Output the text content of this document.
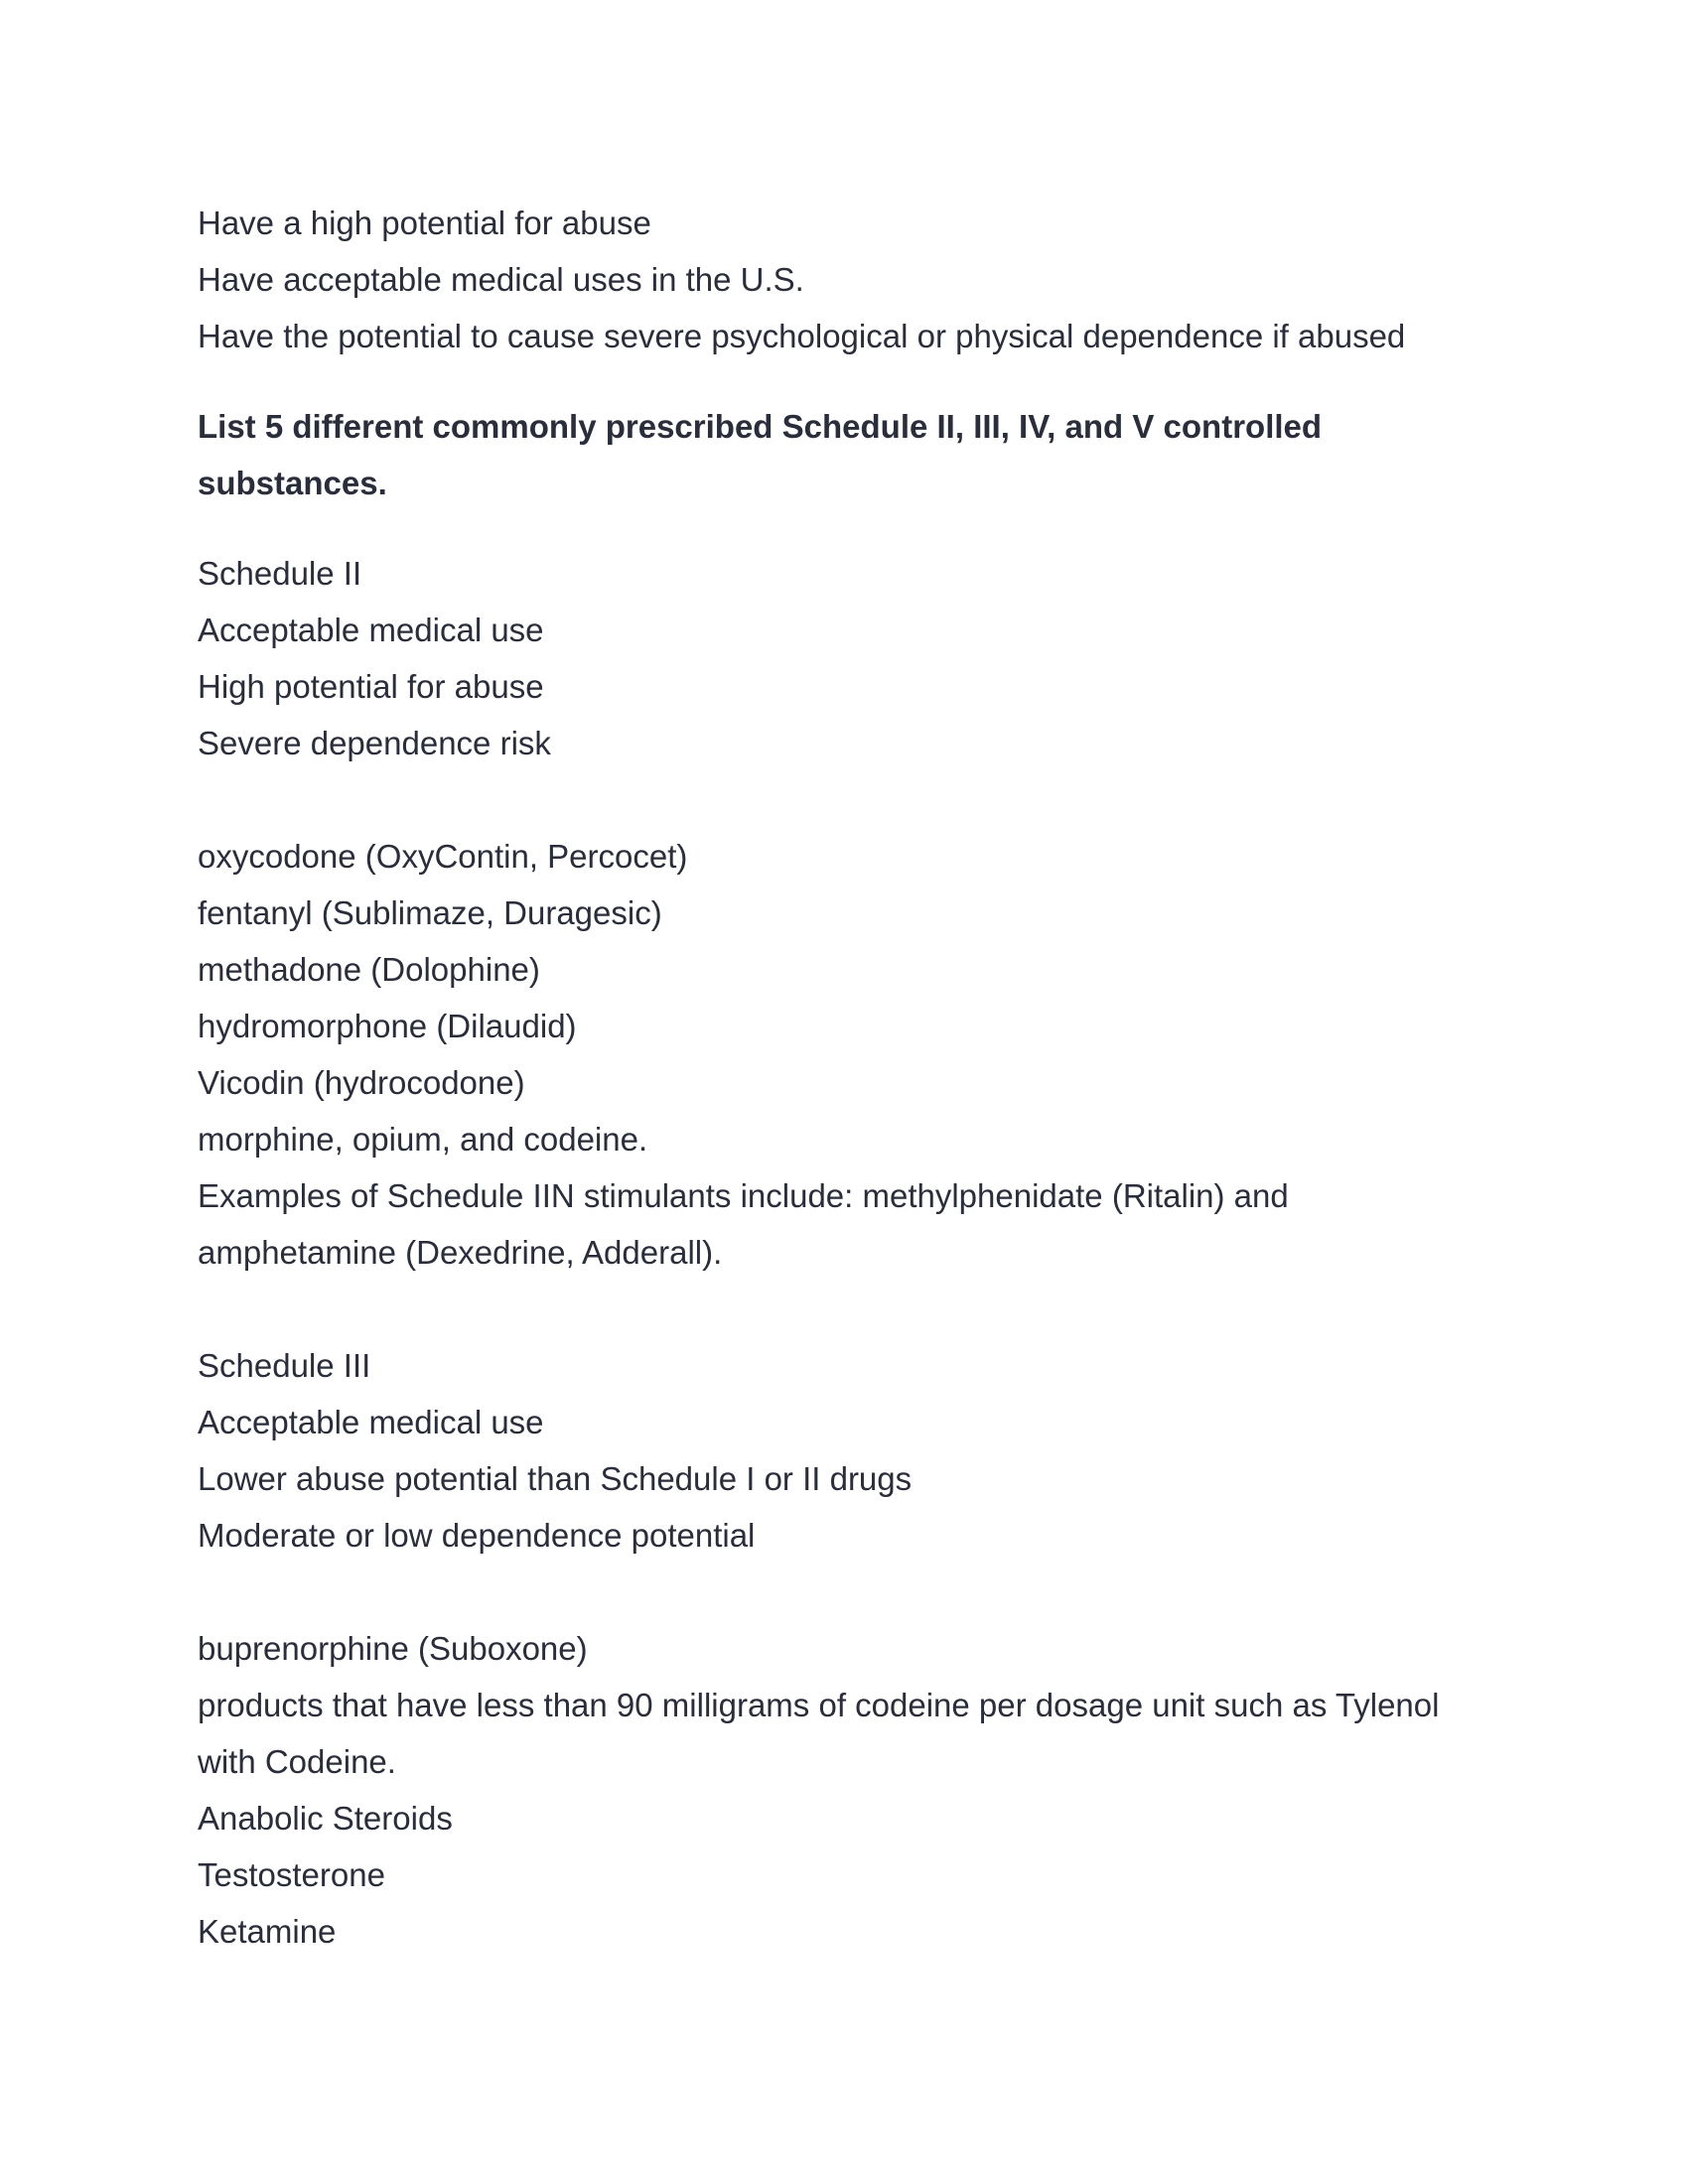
Have a high potential for abuse

Have acceptable medical uses in the U.S.

Have the potential to cause severe psychological or physical dependence if abused

List 5 different commonly prescribed Schedule II, III, IV, and V controlled substances.

Schedule II

Acceptable medical use

High potential for abuse

Severe dependence risk

oxycodone (OxyContin, Percocet)

fentanyl (Sublimaze, Duragesic)

methadone (Dolophine)

hydromorphone (Dilaudid)

Vicodin (hydrocodone)

morphine, opium, and codeine.

Examples of Schedule IIN stimulants include: methylphenidate (Ritalin) and

amphetamine (Dexedrine, Adderall).

Schedule III

Acceptable medical use

Lower abuse potential than Schedule I or II drugs

Moderate or low dependence potential

buprenorphine (Suboxone)

products that have less than 90 milligrams of codeine per dosage unit such as Tylenol

with Codeine.

Anabolic Steroids

Testosterone

Ketamine
